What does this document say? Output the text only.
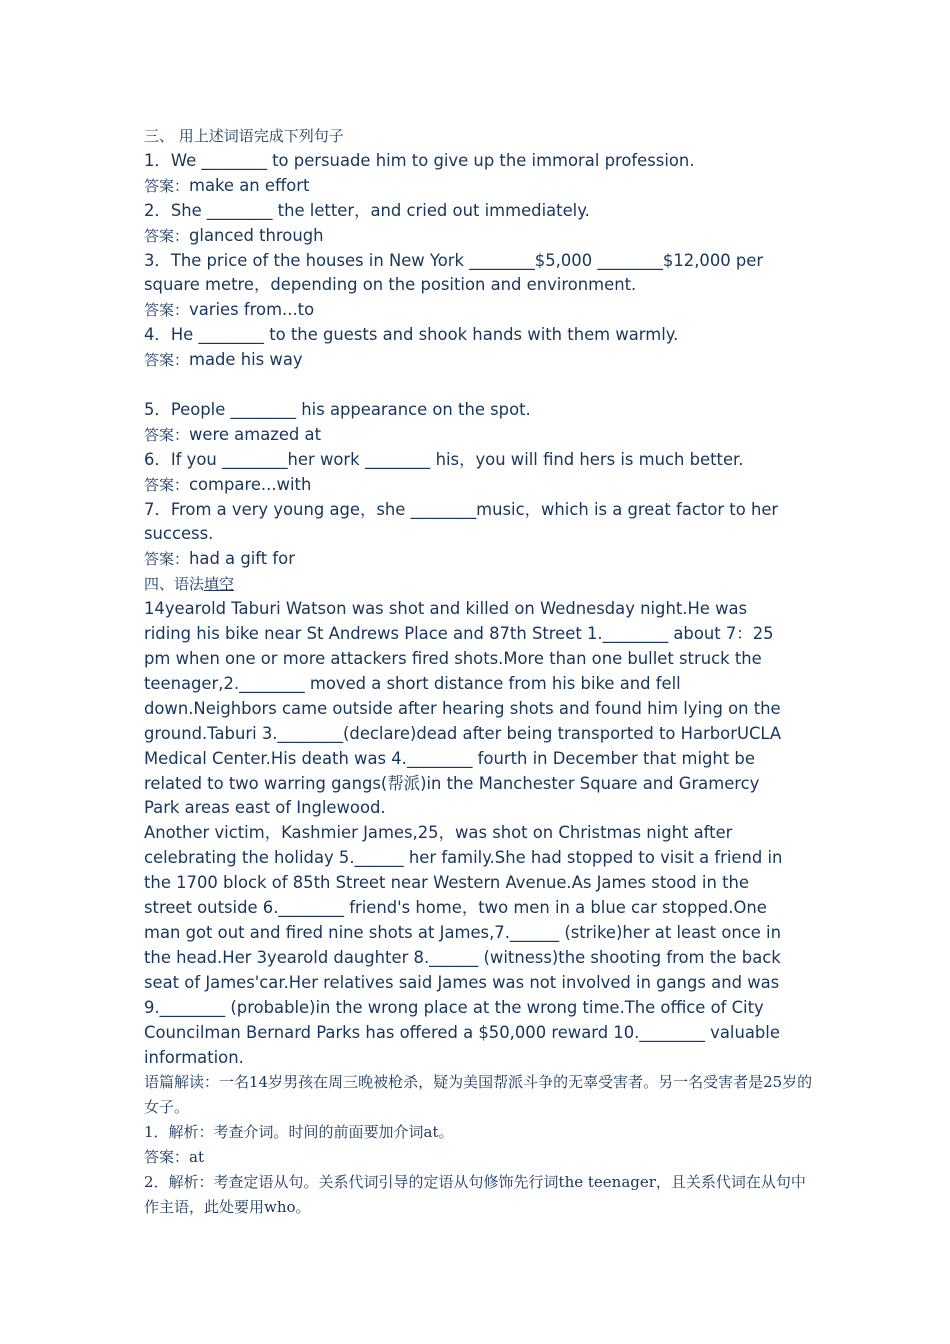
三、 用上述词语完成下列句子
1．We ________ to persuade him to give up the immoral profession.
答案：make an effort
2．She ________ the letter，and cried out immediately.
答案：glanced through
3．The price of the houses in New York ________$5,000 ________$12,000 per
square metre，depending on the position and environment.
答案：varies from...to
4．He ________ to the guests and shook hands with them warmly.
答案：made his way
5．People ________ his appearance on the spot.
答案：were amazed at
6．If you ________her work ________ his，you will find hers is much better.
答案：compare...with
7．From a very young age，she ________music，which is a great factor to her
success.
答案：had a gift for
四、语法填空
14yearold Taburi Watson was shot and killed on Wednesday night.He was
riding his bike near St Andrews Place and 87th Street 1.________ about 7：25
pm when one or more attackers fired shots.More than one bullet struck the
teenager,2.________ moved a short distance from his bike and fell
down.Neighbors came outside after hearing shots and found him lying on the
ground.Taburi 3.________(declare)dead after being transported to HarborUCLA
Medical Center.His death was 4.________ fourth in December that might be
related to two warring gangs(帮派)in the Manchester Square and Gramercy
Park areas east of Inglewood.
Another victim，Kashmier James,25，was shot on Christmas night after
celebrating the holiday 5.______ her family.She had stopped to visit a friend in
the 1700 block of 85th Street near Western Avenue.As James stood in the
street outside 6.________ friend's home，two men in a blue car stopped.One
man got out and fired nine shots at James,7.______ (strike)her at least once in
the head.Her 3yearold daughter 8.______ (witness)the shooting from the back
seat of James'car.Her relatives said James was not involved in gangs and was
9.________ (probable)in the wrong place at the wrong time.The office of City
Councilman Bernard Parks has offered a $50,000 reward 10.________ valuable
information.
语篇解读：一名14岁男孩在周三晚被枪杀，疑为美国帮派斗争的无辜受害者。另一名受害者是25岁的女子。
1．解析：考查介词。时间的前面要加介词at。
答案：at
2．解析：考查定语从句。关系代词引导的定语从句修饰先行词the teenager，且关系代词在从句中作主语，此处要用who。
